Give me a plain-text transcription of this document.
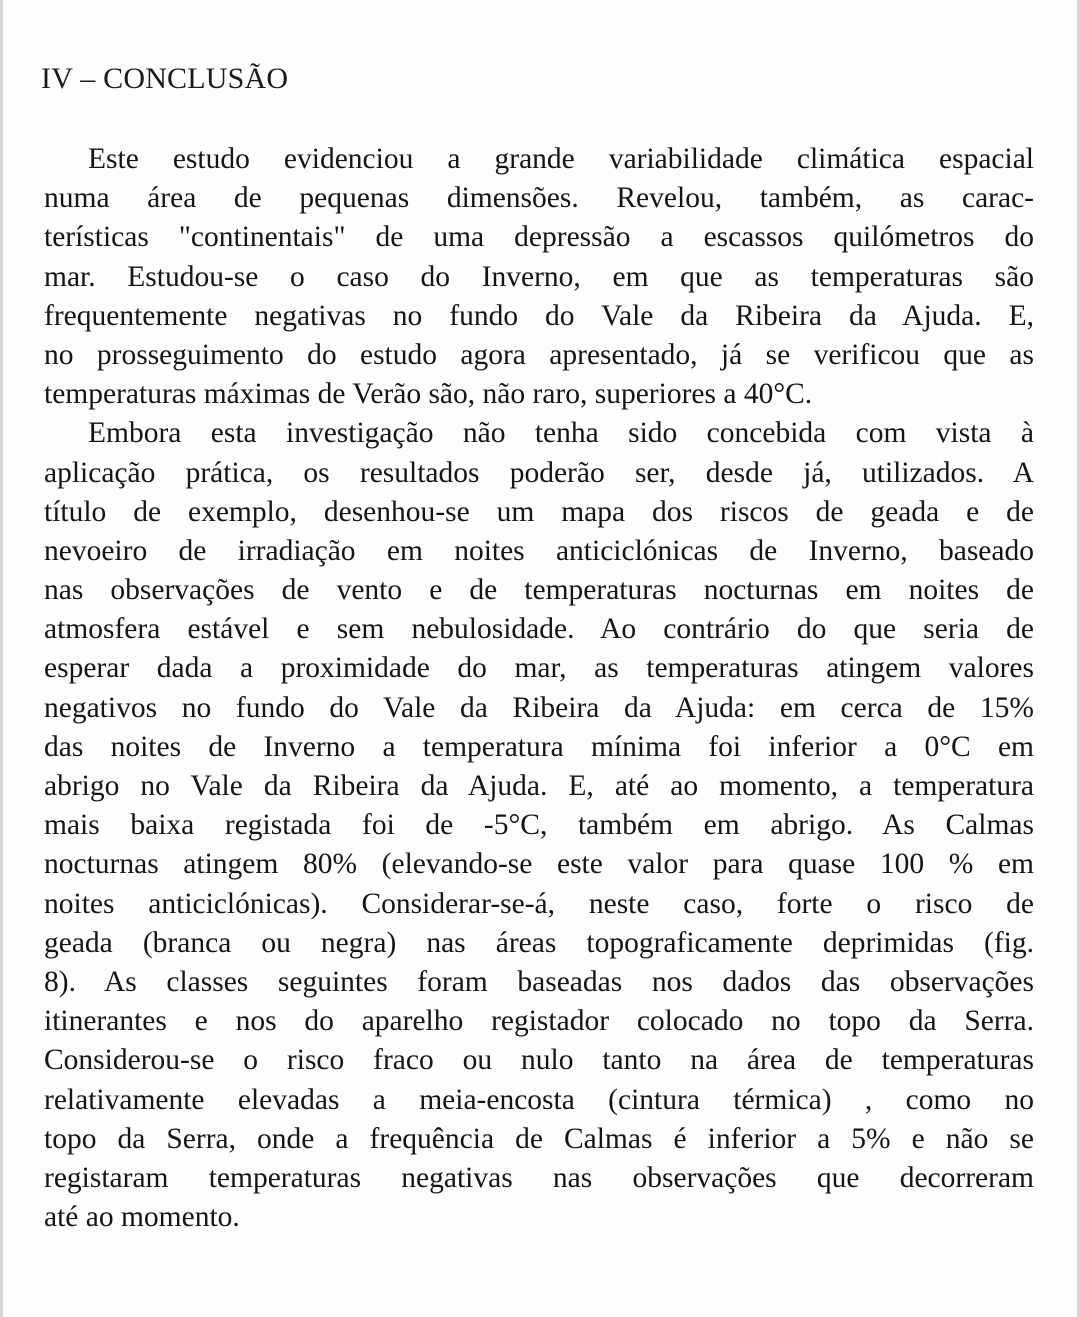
IV – CONCLUSÃO
Este estudo evidenciou a grande variabilidade climática espacial
numa área de pequenas dimensões. Revelou, também, as carac-
terísticas "continentais" de uma depressão a escassos quilómetros do
mar. Estudou-se o caso do Inverno, em que as temperaturas são
frequentemente negativas no fundo do Vale da Ribeira da Ajuda. E,
no prosseguimento do estudo agora apresentado, já se verificou que as
temperaturas máximas de Verão são, não raro, superiores a 40°C.
Embora esta investigação não tenha sido concebida com vista à
aplicação prática, os resultados poderão ser, desde já, utilizados. A
título de exemplo, desenhou-se um mapa dos riscos de geada e de
nevoeiro de irradiação em noites anticiclónicas de Inverno, baseado
nas observações de vento e de temperaturas nocturnas em noites de
atmosfera estável e sem nebulosidade. Ao contrário do que seria de
esperar dada a proximidade do mar, as temperaturas atingem valores
negativos no fundo do Vale da Ribeira da Ajuda: em cerca de 15%
das noites de Inverno a temperatura mínima foi inferior a 0°C em
abrigo no Vale da Ribeira da Ajuda. E, até ao momento, a temperatura
mais baixa registada foi de -5°C, também em abrigo. As Calmas
nocturnas atingem 80% (elevando-se este valor para quase 100 % em
noites anticiclónicas). Considerar-se-á, neste caso, forte o risco de
geada (branca ou negra) nas áreas topograficamente deprimidas (fig.
8). As classes seguintes foram baseadas nos dados das observações
itinerantes e nos do aparelho registador colocado no topo da Serra.
Considerou-se o risco fraco ou nulo tanto na área de temperaturas
relativamente elevadas a meia-encosta (cintura térmica) , como no
topo da Serra, onde a frequência de Calmas é inferior a 5% e não se
registaram temperaturas negativas nas observações que decorreram
até ao momento.
